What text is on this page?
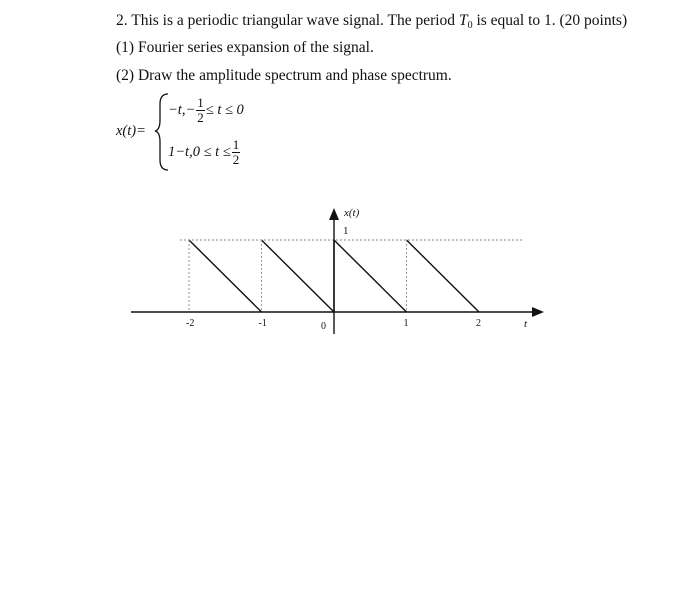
2. This is a periodic triangular wave signal. The period $T_0$ is equal to 1. (20 points)
(1) Fourier series expansion of the signal.
(2) Draw the amplitude spectrum and phase spectrum.
x(t)=
$-t,- \frac{1}{2} \le t \le 0$
$1-t,0 \le t \le \frac{1}{2}$
-2	-1	0	1	2
x(t)
1
t
